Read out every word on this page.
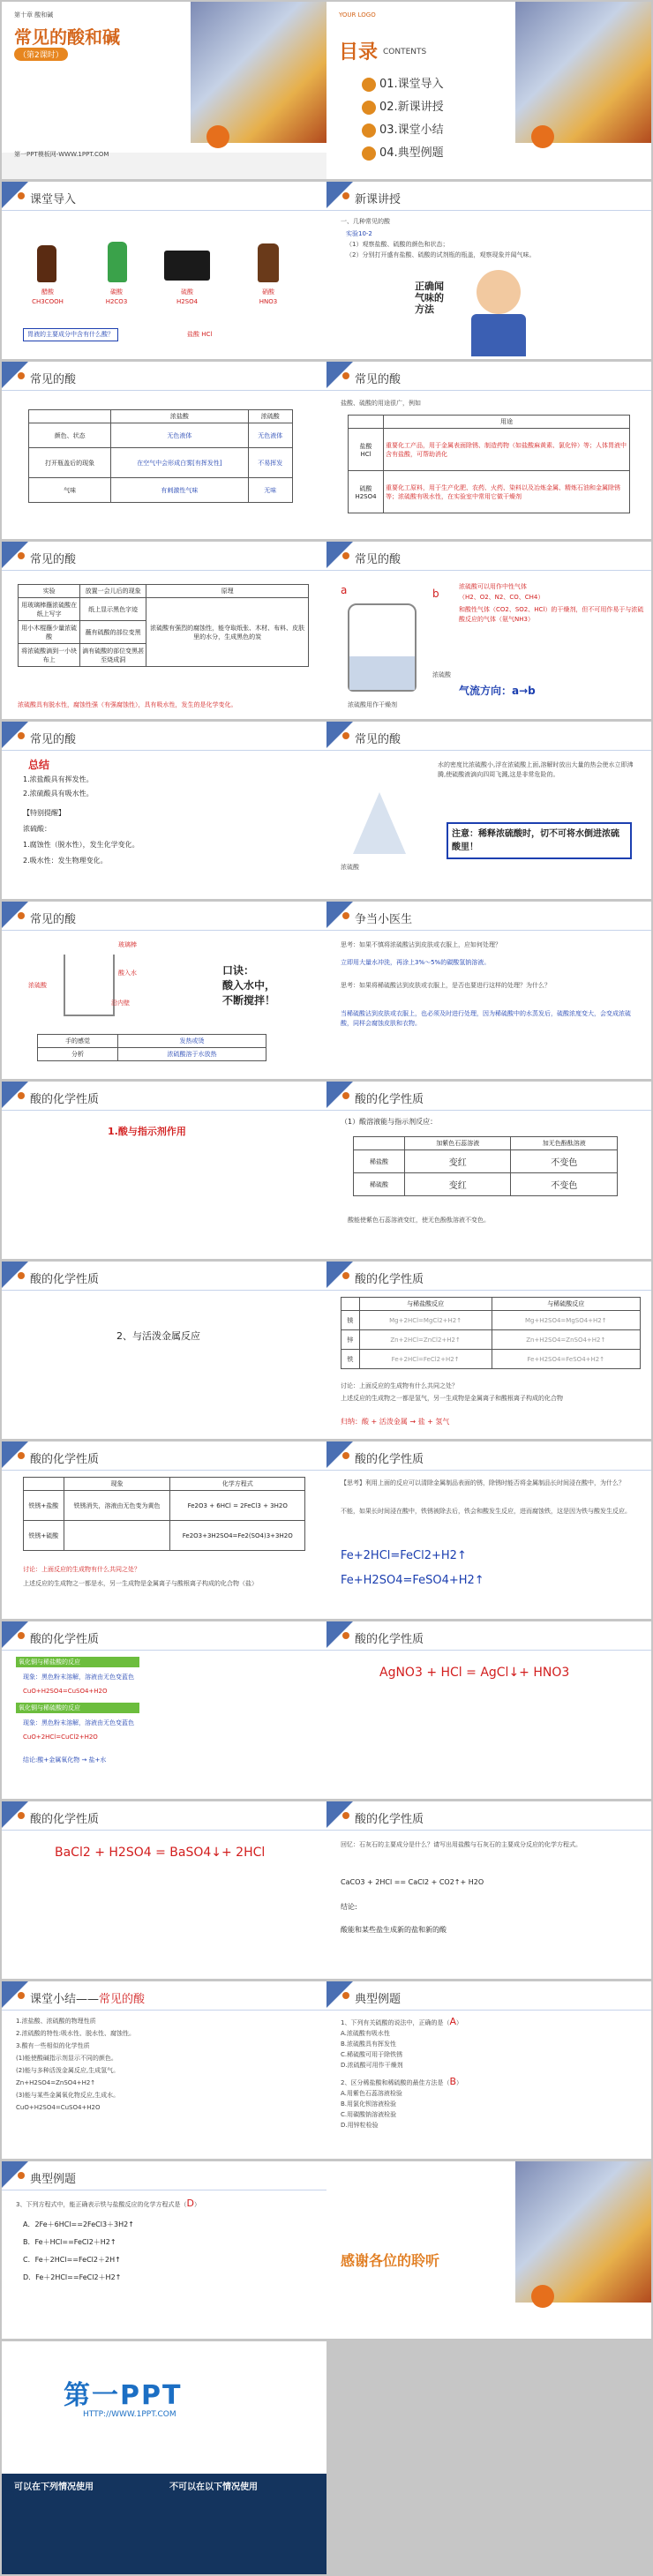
第十章 酸和碱
常见的酸和碱
（第2课时）
第一PPT模板网-WWW.1PPT.COM
YOUR LOGO
目录 CONTENTS
01.课堂导入
02.新课讲授
03.课堂小结
04.典型例题
课堂导入
醋酸
CH3COOH
碳酸
H2CO3
硫酸
H2SO4
硝酸
HNO3
胃液的主要成分中含有什么酸？	盐酸 HCl
新课讲授
一、几种常见的酸
实验10-2
（1）观察盐酸、硫酸的颜色和状态；
（2）分别打开盛有盐酸、硫酸的试剂瓶的瓶盖，观察现象并闻气味。
正确闻气味的方法
常见的酸
	浓盐酸	浓硫酸
颜色、状态	无色液体	无色液体
打开瓶盖后的现象	在空气中会形成白雾[有挥发性]	不易挥发
气味	有刺激性气味	无味
常见的酸
盐酸、硫酸的用途很广，例如
	用途
盐酸
HCl	重要化工产品，用于金属表面除锈、制造药物（如盐酸麻黄素、氯化锌）等；人体胃液中含有盐酸，可帮助消化
硫酸
H2SO4	重要化工原料，用于生产化肥、农药、火药、染料以及冶炼金属、精炼石油和金属除锈等；浓硫酸有吸水性，在实验室中常用它做干燥剂
常见的酸
实验	放置一会儿后的现象	原理
用玻璃棒蘸浓硫酸在纸上写字	纸上显示黑色字迹	浓硫酸有强烈的腐蚀性，能夺取纸张、木材、布料、皮肤里的水分，生成黑色的炭
用小木棍蘸少量浓硫酸	蘸有硫酸的部位变黑	
将浓硫酸滴到一小块布上	滴有硫酸的部位变黑甚至烧成洞	
浓硫酸具有脱水性，腐蚀性强（有强腐蚀性），具有吸水性，发生的是化学变化。
常见的酸
a	b
浓硫酸
浓硫酸用作干燥剂
浓硫酸可以用作中性气体
（H2、O2、N2、CO、CH4）
和酸性气体（CO2、SO2、HCl）的干燥剂，但不可用作易于与浓硫酸反应的气体（氨气NH3）
气流方向：a→b
常见的酸
总结
1.浓盐酸具有挥发性。
2.浓硫酸具有吸水性。
【特别提醒】
浓硫酸：
1.腐蚀性（脱水性），发生化学变化。
2.吸水性：发生物理变化。
常见的酸
浓硫酸
水的密度比浓硫酸小,浮在浓硫酸上面,溶解时放出大量的热会使水立即沸腾,使硫酸液滴向四周飞溅,这是非常危险的。
注意：稀释浓硫酸时，切不可将水倒进浓硫酸里！
常见的酸
浓硫酸
玻璃棒
酸入水
沿内壁
口诀：
酸入水中，
不断搅拌！
手的感觉	发热或烫
分析	浓硫酸溶于水放热
争当小医生
思考：如果不慎将浓硫酸沾到皮肤或衣服上，应如何处理？
立即用大量水冲洗，再涂上3%～5%的碳酸氢钠溶液。
思考：如果将稀硫酸沾到皮肤或衣服上，是否也要进行这样的处理？为什么？
当稀硫酸沾到皮肤或衣服上，也必须及时进行处理，因为稀硫酸中的水蒸发后，硫酸浓度变大，会变成浓硫酸，同样会腐蚀皮肤和衣物。
酸的化学性质
1.酸与指示剂作用
酸的化学性质
（1）酸溶液能与指示剂反应：
	加紫色石蕊溶液	加无色酚酞溶液
稀盐酸	变红	不变色
稀硫酸	变红	不变色
酸能使紫色石蕊溶液变红，使无色酚酞溶液不变色。
酸的化学性质
2、与活泼金属反应
酸的化学性质
	与稀盐酸反应	与稀硫酸反应
镁	Mg+2HCl=MgCl2+H2↑	Mg+H2SO4=MgSO4+H2↑
锌	Zn+2HCl=ZnCl2+H2↑	Zn+H2SO4=ZnSO4+H2↑
铁	Fe+2HCl=FeCl2+H2↑	Fe+H2SO4=FeSO4+H2↑
讨论：上面反应的生成物有什么共同之处？
上述反应的生成物之一都是氢气，另一生成物是金属离子和酸根离子构成的化合物
归纳：酸 + 活泼金属 → 盐 + 氢气
酸的化学性质
	现象	化学方程式
铁锈+盐酸	铁锈消失，溶液由无色变为黄色	Fe2O3 + 6HCl = 2FeCl3 + 3H2O
铁锈+硫酸		Fe2O3+3H2SO4=Fe2(SO4)3+3H2O
讨论：上面反应的生成物有什么共同之处？
上述反应的生成物之一都是水，另一生成物是金属离子与酸根离子构成的化合物（盐）
酸的化学性质
【思考】利用上面的反应可以清除金属制品表面的锈，除锈时能否将金属制品长时间浸在酸中，为什么？
不能，如果长时间浸在酸中，铁锈被除去后，铁会和酸发生反应，进而腐蚀铁，这是因为铁与酸发生反应。
Fe+2HCl=FeCl2+H2↑
Fe+H2SO4=FeSO4+H2↑
酸的化学性质
氧化铜与稀盐酸的反应
现象：黑色粉末溶解，溶液由无色变蓝色
CuO+H2SO4=CuSO4+H2O
氧化铜与稀硫酸的反应
现象：黑色粉末溶解，溶液由无色变蓝色
CuO+2HCl=CuCl2+H2O
结论:酸+金属氧化物 → 盐+水
酸的化学性质
AgNO3 + HCl = AgCl↓+ HNO3
酸的化学性质
BaCl2 + H2SO4 = BaSO4↓+ 2HCl
酸的化学性质
回忆：石灰石的主要成分是什么？请写出用盐酸与石灰石的主要成分反应的化学方程式。
CaCO3 + 2HCl == CaCl2 + CO2↑+ H2O
结论:
酸能和某些盐生成新的盐和新的酸
课堂小结——常见的酸
1.浓盐酸、浓硫酸的物理性质
2.浓硫酸的特性:吸水性、脱水性、腐蚀性。
3.酸有一些相似的化学性质
(1)能使酸碱指示剂显示不同的颜色。
(2)能与多种活泼金属反应,生成氢气。
Zn+H2SO4=ZnSO4+H2↑
(3)能与某些金属氧化物反应,生成水。
CuO+H2SO4=CuSO4+H2O
典型例题
1、下列有关硫酸的说法中，正确的是（A）
A.浓硫酸有吸水性
B.浓硫酸具有挥发性
C.稀硫酸可用于除铁锈
D.浓硫酸可用作干燥剂
2、区分稀盐酸和稀硫酸的最佳方法是（B）
A.用紫色石蕊溶液检验
B.用氯化钡溶液检验
C.用碳酸钠溶液检验
D.用锌粒检验
典型例题
3、下列方程式中，能正确表示铁与盐酸反应的化学方程式是（D）
A．2Fe＋6HCl==2FeCl3＋3H2↑
B．Fe＋HCl==FeCl2＋H2↑
C．Fe＋2HCl==FeCl2＋2H↑
D．Fe＋2HCl==FeCl2＋H2↑
感谢各位的聆听
第一PPT
HTTP://WWW.1PPT.COM
可以在下列情况使用	不可以在以下情况使用
